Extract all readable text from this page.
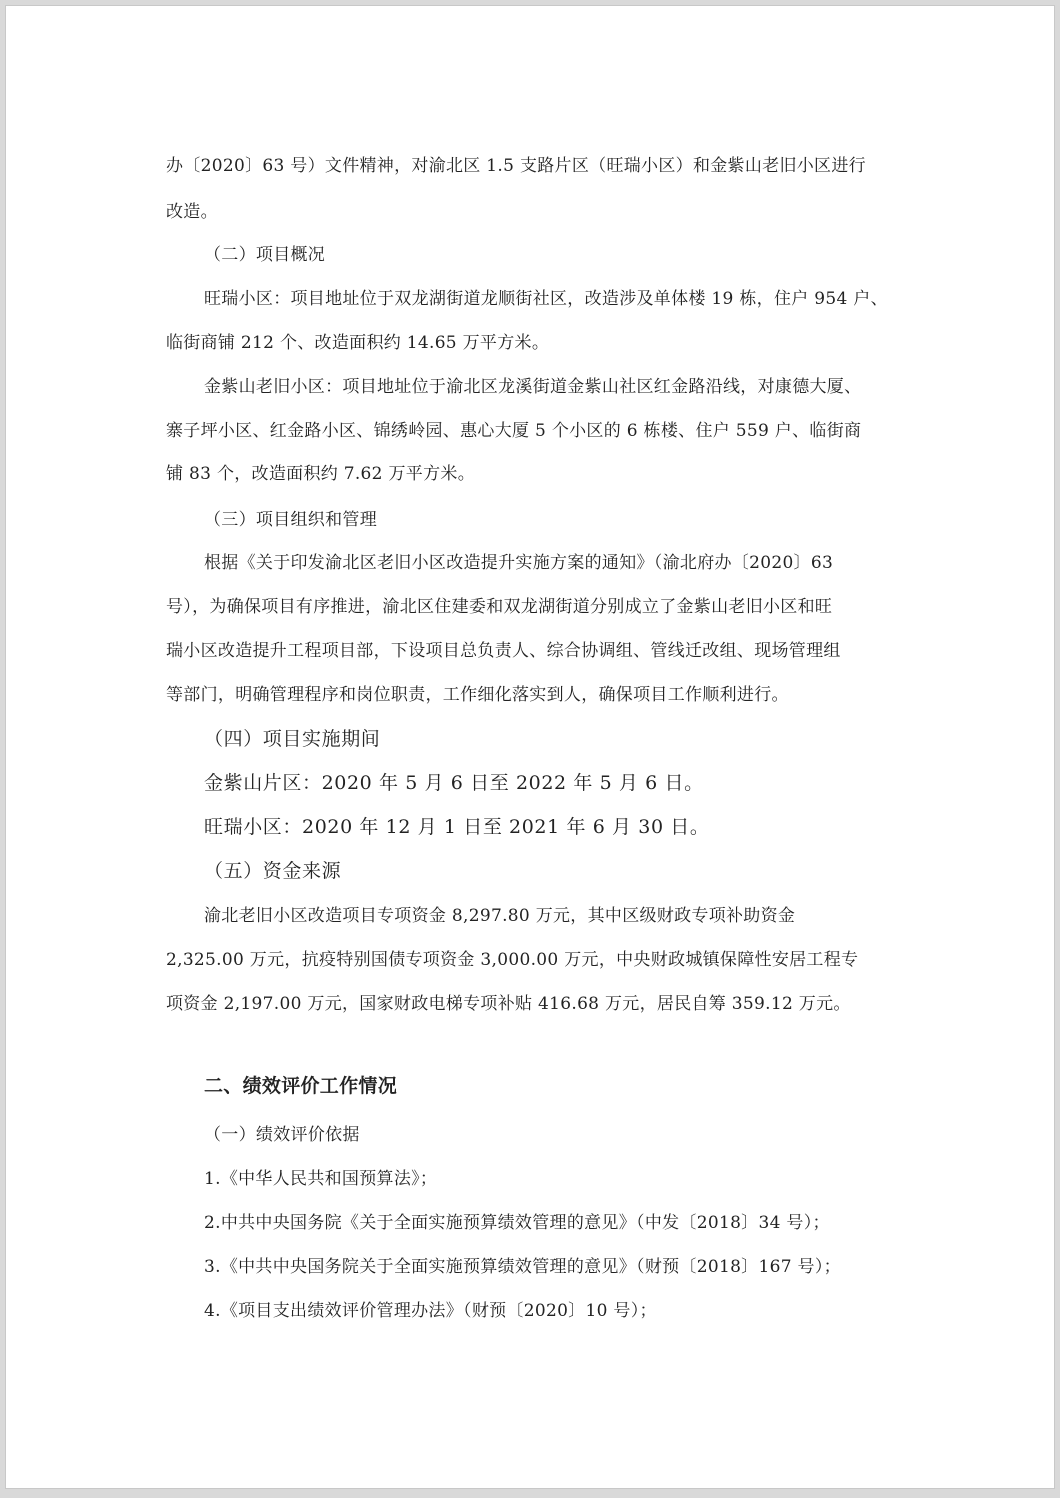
办〔2020〕63 号）文件精神，对渝北区 1.5 支路片区（旺瑞小区）和金紫山老旧小区进行
改造。
（二）项目概况
旺瑞小区：项目地址位于双龙湖街道龙顺街社区，改造涉及单体楼 19 栋，住户 954 户、
临街商铺 212 个、改造面积约 14.65 万平方米。
金紫山老旧小区：项目地址位于渝北区龙溪街道金紫山社区红金路沿线，对康德大厦、
寨子坪小区、红金路小区、锦绣岭园、惠心大厦 5 个小区的 6 栋楼、住户 559 户、临街商
铺 83 个，改造面积约 7.62 万平方米。
（三）项目组织和管理
根据《关于印发渝北区老旧小区改造提升实施方案的通知》（渝北府办〔2020〕63
号），为确保项目有序推进，渝北区住建委和双龙湖街道分别成立了金紫山老旧小区和旺
瑞小区改造提升工程项目部，下设项目总负责人、综合协调组、管线迁改组、现场管理组
等部门，明确管理程序和岗位职责，工作细化落实到人，确保项目工作顺利进行。
（四）项目实施期间
金紫山片区：2020 年 5 月 6 日至 2022 年 5 月 6 日。
旺瑞小区：2020 年 12 月 1 日至 2021 年 6 月 30 日。
（五）资金来源
渝北老旧小区改造项目专项资金 8,297.80 万元，其中区级财政专项补助资金
2,325.00 万元，抗疫特别国债专项资金 3,000.00 万元，中央财政城镇保障性安居工程专
项资金 2,197.00 万元，国家财政电梯专项补贴 416.68 万元，居民自筹 359.12 万元。
二、绩效评价工作情况
（一）绩效评价依据
1.《中华人民共和国预算法》；
2.中共中央国务院《关于全面实施预算绩效管理的意见》（中发〔2018〕34 号）；
3.《中共中央国务院关于全面实施预算绩效管理的意见》（财预〔2018〕167 号）；
4.《项目支出绩效评价管理办法》（财预〔2020〕10 号）；
